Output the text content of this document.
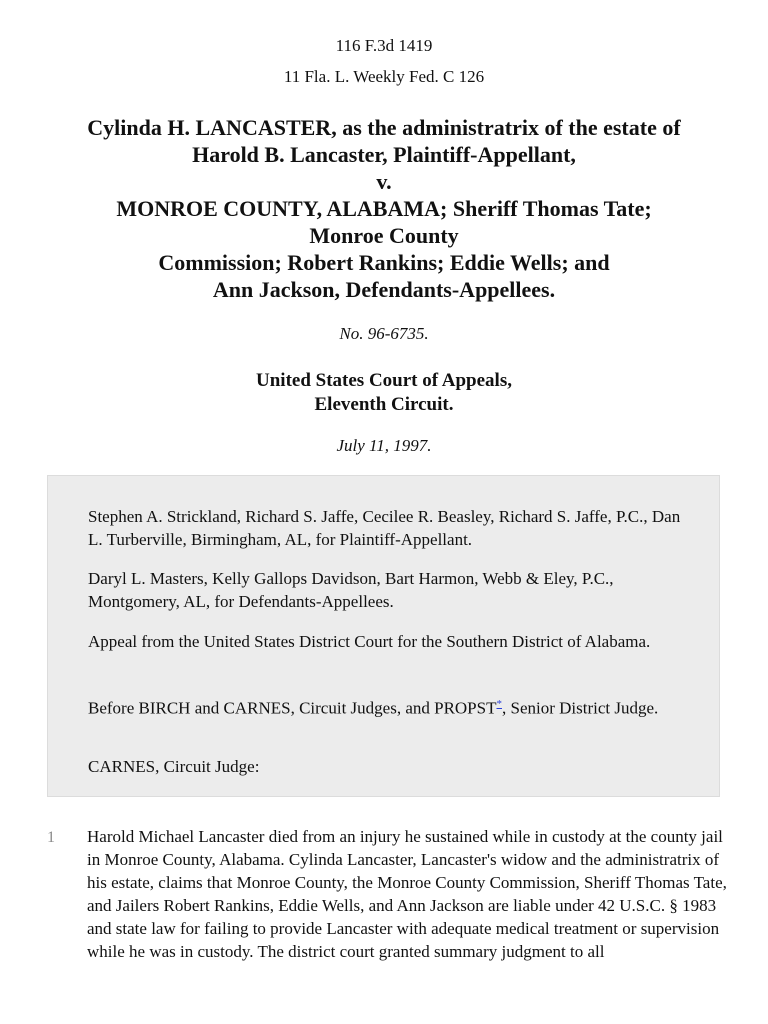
116 F.3d 1419
11 Fla. L. Weekly Fed. C 126
Cylinda H. LANCASTER, as the administratrix of the estate of
Harold B. Lancaster, Plaintiff-Appellant,
v.
MONROE COUNTY, ALABAMA; Sheriff Thomas Tate;
Monroe County
Commission; Robert Rankins; Eddie Wells; and
Ann Jackson, Defendants-Appellees.
No. 96-6735.
United States Court of Appeals,
Eleventh Circuit.
July 11, 1997.

Stephen A. Strickland, Richard S. Jaffe, Cecilee R. Beasley, Richard S. Jaffe, P.C., Dan L. Turberville, Birmingham, AL, for Plaintiff-Appellant.

Daryl L. Masters, Kelly Gallops Davidson, Bart Harmon, Webb & Eley, P.C., Montgomery, AL, for Defendants-Appellees.

Appeal from the United States District Court for the Southern District of Alabama.

Before BIRCH and CARNES, Circuit Judges, and PROPST*, Senior District Judge.

CARNES, Circuit Judge:

1 Harold Michael Lancaster died from an injury he sustained while in custody at the county jail in Monroe County, Alabama. Cylinda Lancaster, Lancaster's widow and the administratrix of his estate, claims that Monroe County, the Monroe County Commission, Sheriff Thomas Tate, and Jailers Robert Rankins, Eddie Wells, and Ann Jackson are liable under 42 U.S.C. § 1983 and state law for failing to provide Lancaster with adequate medical treatment or supervision while he was in custody. The district court granted summary judgment to all
